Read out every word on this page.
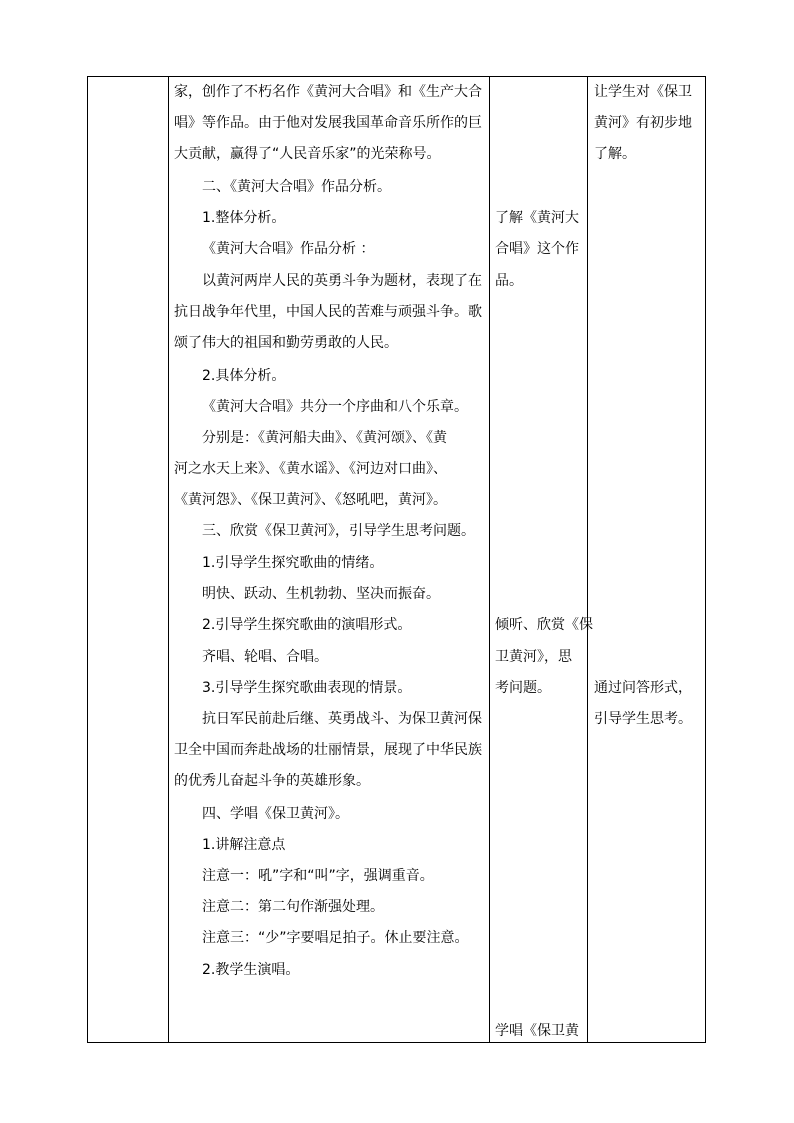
家，创作了不朽名作《黄河大合唱》和《生产大合
唱》等作品。由于他对发展我国革命音乐所作的巨
大贡献，赢得了“人民音乐家”的光荣称号。
二、《黄河大合唱》作品分析。
1.整体分析。
《黄河大合唱》作品分析 ：
以黄河两岸人民的英勇斗争为题材，表现了在
抗日战争年代里，中国人民的苦难与顽强斗争。歌
颂了伟大的祖国和勤劳勇敢的人民。
2.具体分析。
《黄河大合唱》共分一个序曲和八个乐章。
分别是：《黄河船夫曲》、《黄河颂》、《黄
河之水天上来》、《黄水谣》、《河边对口曲》、
《黄河怨》、《保卫黄河》、《怒吼吧，黄河》。
三、欣赏《保卫黄河》，引导学生思考问题。
1.引导学生探究歌曲的情绪。
明快、跃动、生机勃勃、坚决而振奋。
2.引导学生探究歌曲的演唱形式。
齐唱、轮唱、合唱。
3.引导学生探究歌曲表现的情景。
抗日军民前赴后继、英勇战斗、为保卫黄河保
卫全中国而奔赴战场的壮丽情景，展现了中华民族
的优秀儿奋起斗争的英雄形象。
四、学唱《保卫黄河》。
1.讲解注意点
注意一：吼”字和“叫”字，强调重音。
注意二：第二句作渐强处理。
注意三：“少”字要唱足拍子。休止要注意。
2.教学生演唱。
了解《黄河大
合唱》这个作
品。
倾听、欣赏《保
卫黄河》，思
考问题。
学唱《保卫黄
让学生对《保卫
黄河》有初步地
了解。
通过问答形式，
引导学生思考。
